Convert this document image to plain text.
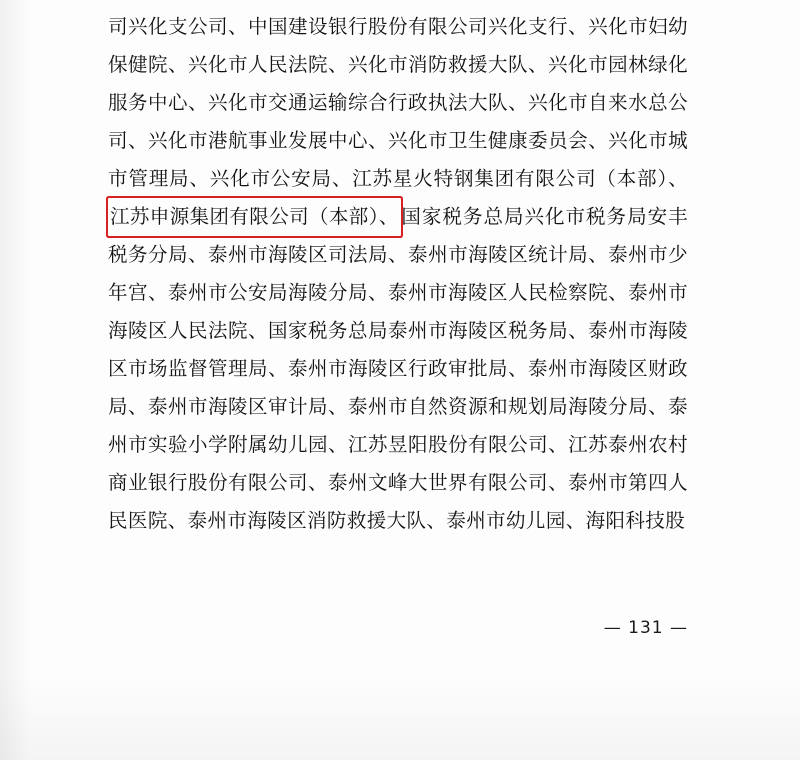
司兴化支公司、中国建设银行股份有限公司兴化支行、兴化市妇幼保健院、兴化市人民法院、兴化市消防救援大队、兴化市园林绿化服务中心、兴化市交通运输综合行政执法大队、兴化市自来水总公司、兴化市港航事业发展中心、兴化市卫生健康委员会、兴化市城市管理局、兴化市公安局、江苏星火特钢集团有限公司（本部）、江苏申源集团有限公司（本部）、 国家税务总局兴化市税务局安丰税务分局、泰州市海陵区司法局、泰州市海陵区统计局、泰州市少年宫、泰州市公安局海陵分局、泰州市海陵区人民检察院、泰州市海陵区人民法院、国家税务总局泰州市海陵区税务局、泰州市海陵区市场监督管理局、泰州市海陵区行政审批局、泰州市海陵区财政局、泰州市海陵区审计局、泰州市自然资源和规划局海陵分局、泰州市实验小学附属幼儿园、江苏昱阳股份有限公司、江苏泰州农村商业银行股份有限公司、泰州文峰大世界有限公司、泰州市第四人民医院、泰州市海陵区消防救援大队、泰州市幼儿园、海阳科技股
— 131 —
